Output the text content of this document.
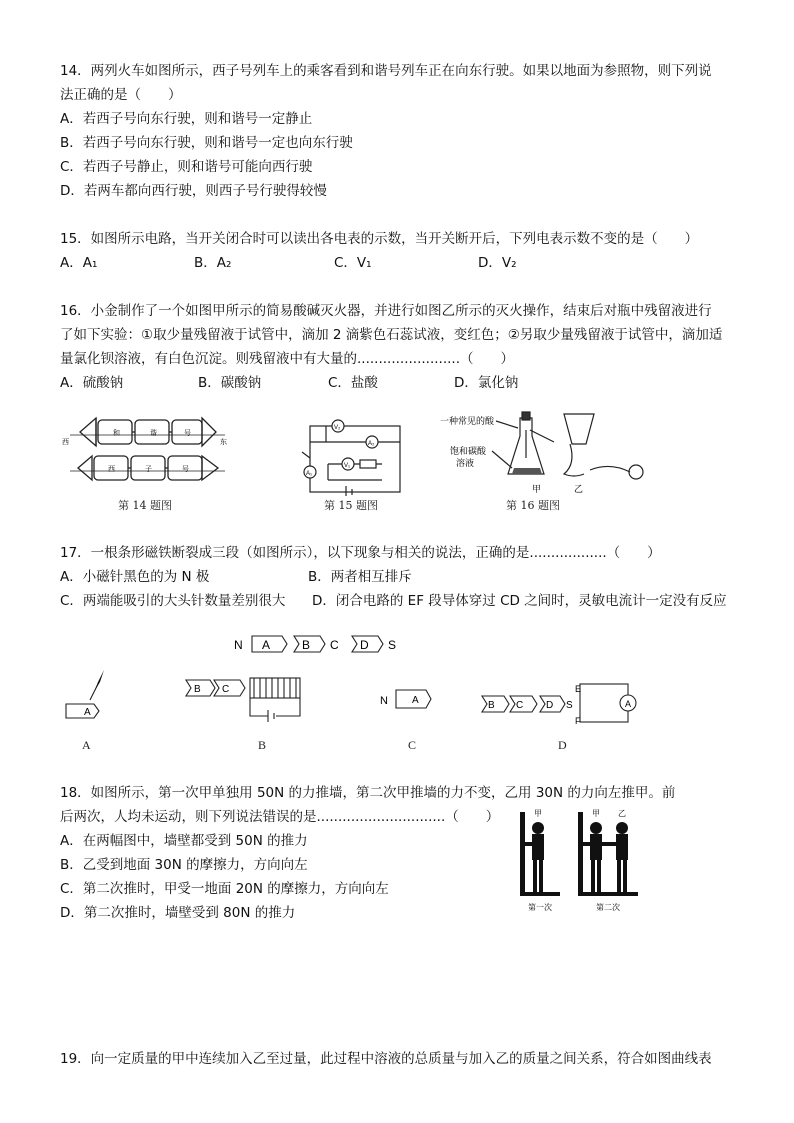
14．两列火车如图所示，西子号列车上的乘客看到和谐号列车正在向东行驶。如果以地面为参照物，则下列说
法正确的是（　　）
A．若西子号向东行驶，则和谐号一定静止
B．若西子号向东行驶，则和谐号一定也向东行驶
C．若西子号静止，则和谐号可能向西行驶
D．若两车都向西行驶，则西子号行驶得较慢
15．如图所示电路，当开关闭合时可以读出各电表的示数，当开关断开后，下列电表示数不变的是（　　）
A．A₁	B．A₂	C．V₁	D．V₂
16．小金制作了一个如图甲所示的简易酸碱灭火器，并进行如图乙所示的灭火操作，结束后对瓶中残留液进行
了如下实验：①取少量残留液于试管中，滴加 2 滴紫色石蕊试液，变红色；②另取少量残留液于试管中，滴加适
量氯化钡溶液，有白色沉淀。则残留液中有大量的........................（　　）
A．硫酸钠	B．碳酸钠	C．盐酸	D．氯化钠
西	东
和	谐	号
西	子	号
第 14 题图
V₂
A₂
A₁
V₁
第 15 题图
一种常见的酸
饱和碳酸
溶液
甲	乙
第 16 题图
17．一根条形磁铁断裂成三段（如图所示），以下现象与相关的说法，正确的是..................（　　）
A．小磁针黑色的为 N 极	B．两者相互排斥
C．两端能吸引的大头针数量差别很大 D．闭合电路的 EF 段导体穿过 CD 之间时，灵敏电流计一定没有反应
N A	B C D S
A
A
B C
B
N A
C
B C D S
E
F
A
D
18．如图所示，第一次甲单独用 50N 的力推墙，第二次甲推墙的力不变，乙用 30N 的力向左推甲。前
后两次，人均未运动，则下列说法错误的是..............................（　　）
A．在两幅图中，墙壁都受到 50N 的推力
B．乙受到地面 30N 的摩擦力，方向向左
C．第二次推时，甲受一地面 20N 的摩擦力，方向向左
D．第二次推时，墙壁受到 80N 的推力
甲	甲 乙
第一次	第二次
19．向一定质量的甲中连续加入乙至过量，此过程中溶液的总质量与加入乙的质量之间关系，符合如图曲线表
